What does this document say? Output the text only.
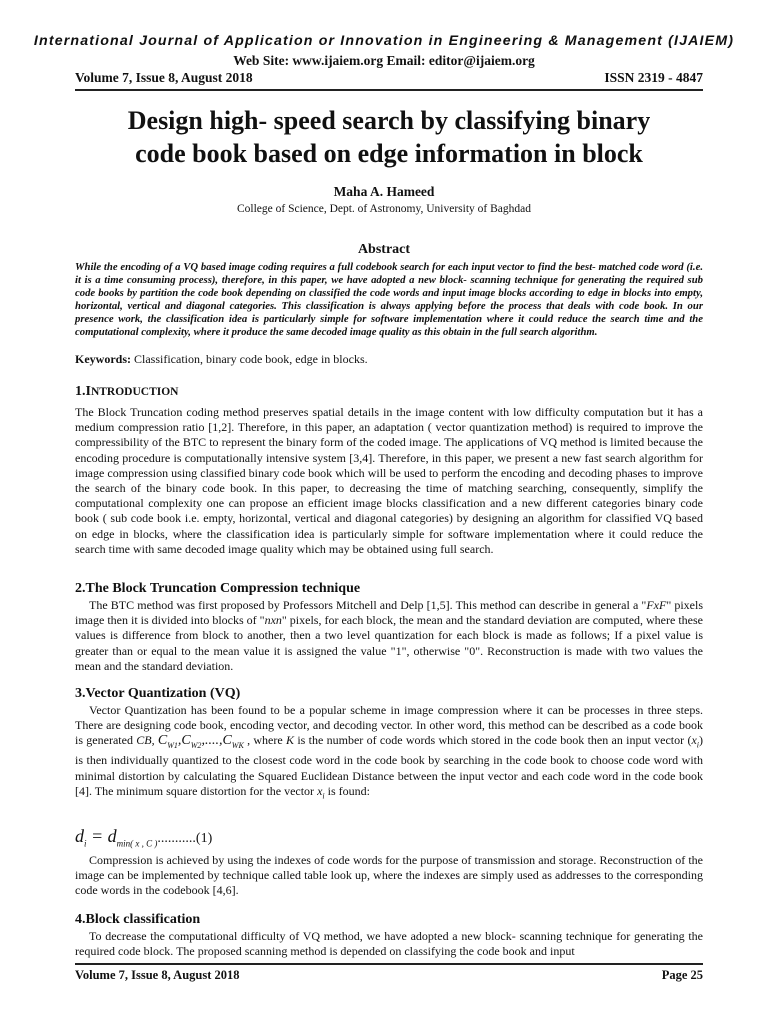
International Journal of Application or Innovation in Engineering & Management (IJAIEM)
Web Site: www.ijaiem.org Email: editor@ijaiem.org
Volume 7, Issue 8, August 2018	ISSN 2319 - 4847
Design high- speed search by classifying binary
code book based on edge information in block
Maha A. Hameed
College of Science, Dept. of Astronomy, University of Baghdad
Abstract
While the encoding of a VQ based image coding requires a full codebook search for each input vector to find the best- matched code word (i.e. it is a time consuming process), therefore, in this paper, we have adopted a new block- scanning technique for generating the required sub code books by partition the code book depending on classified the code words and input image blocks according to edge in blocks into empty, horizontal, vertical and diagonal categories. This classification is always applying before the process that deals with code book. In our presence work, the classification idea is particularly simple for software implementation where it could reduce the search time and the computational complexity, where it produce the same decoded image quality as this obtain in the full search algorithm.
Keywords: Classification, binary code book, edge in blocks.
1.INTRODUCTION
The Block Truncation coding method preserves spatial details in the image content with low difficulty computation but it has a medium compression ratio [1,2]. Therefore, in this paper, an adaptation ( vector quantization method) is required to improve the compressibility of the BTC to represent the binary form of the coded image. The applications of VQ method is limited because the encoding procedure is computationally intensive system [3,4]. Therefore, in this paper, we present a new fast search algorithm for image compression using classified binary code book which will be used to perform the encoding and decoding phases to improve the search of the binary code book. In this paper, to decreasing the time of matching searching, consequently, simplify the computational complexity one can propose an efficient image blocks classification and a new different categories binary code book ( sub code book i.e. empty, horizontal, vertical and diagonal categories) by designing an algorithm for classified VQ based on edge in blocks, where the classification idea is particularly simple for software implementation where it could reduce the search time with same decoded image quality which may be obtained using full search.
2.The Block Truncation Compression technique
The BTC method was first proposed by Professors Mitchell and Delp [1,5]. This method can describe in general a "FxF" pixels image then it is divided into blocks of "nxn" pixels, for each block, the mean and the standard deviation are computed, where these values is difference from block to another, then a two level quantization for each block is made as follows; If a pixel value is greater than or equal to the mean value it is assigned the value "1", otherwise "0". Reconstruction is made with two values the mean and the standard deviation.
3.Vector Quantization (VQ)
Vector Quantization has been found to be a popular scheme in image compression where it can be processes in three steps. There are designing code book, encoding vector, and decoding vector. In other word, this method can be described as a code book is generated CB, $C_{W1},C_{W2},....,C_{WK}$ , where K is the number of code words which stored in the code book then an input vector $(x_i)$ is then individually quantized to the closest code word in the code book by searching in the code book to choose code word with minimal distortion by calculating the Squared Euclidean Distance between the input vector and each code word in the code book [4]. The minimum square distortion for the vector $x_i$ is found:
$d_i = d_{min( x , C )}...........(1)$
Compression is achieved by using the indexes of code words for the purpose of transmission and storage. Reconstruction of the image can be implemented by technique called table look up, where the indexes are simply used as addresses to the corresponding code words in the codebook [4,6].
4.Block classification
To decrease the computational difficulty of VQ method, we have adopted a new block- scanning technique for generating the required code block. The proposed scanning method is depended on classifying the code book and input
Volume 7, Issue 8, August 2018	Page 25
